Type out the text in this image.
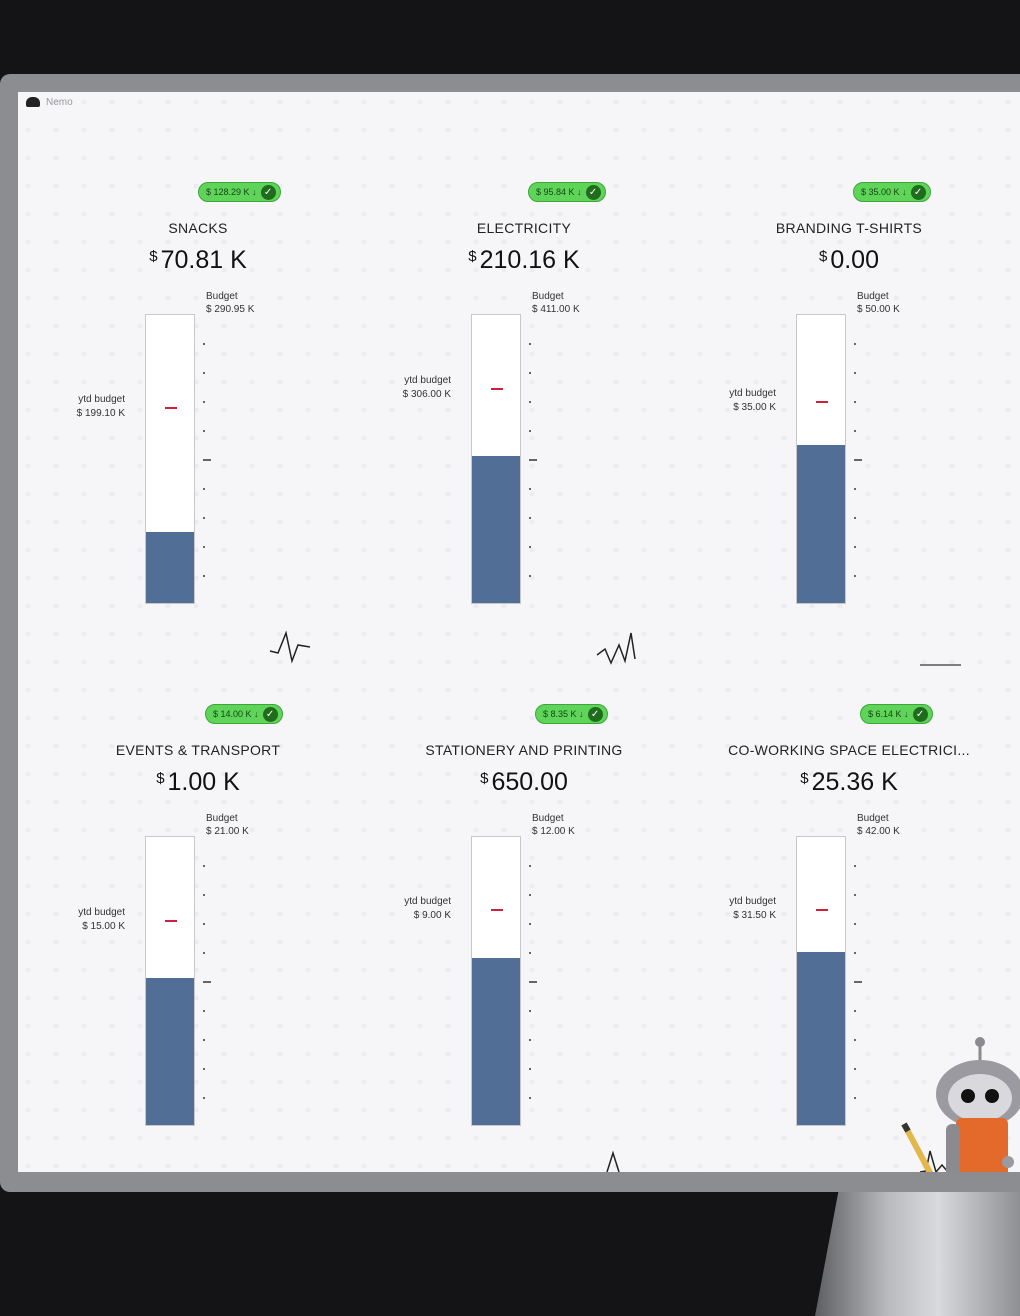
Nemo
$ 128.29 K ↓ ✓
SNACKS
$ 70.81 K
Budget
$ 290.95 K
ytd budget
$ 199.10 K
$ 95.84 K ↓ ✓
ELECTRICITY
$ 210.16 K
Budget
$ 411.00 K
ytd budget
$ 306.00 K
$ 35.00 K ↓ ✓
BRANDING T-SHIRTS
$ 0.00
Budget
$ 50.00 K
ytd budget
$ 35.00 K
$ 14.00 K ↓ ✓
EVENTS & TRANSPORT
$ 1.00 K
Budget
$ 21.00 K
ytd budget
$ 15.00 K
$ 8.35 K ↓ ✓
STATIONERY AND PRINTING
$ 650.00
Budget
$ 12.00 K
ytd budget
$ 9.00 K
$ 6.14 K ↓ ✓
CO-WORKING SPACE ELECTRICI...
$ 25.36 K
Budget
$ 42.00 K
ytd budget
$ 31.50 K
